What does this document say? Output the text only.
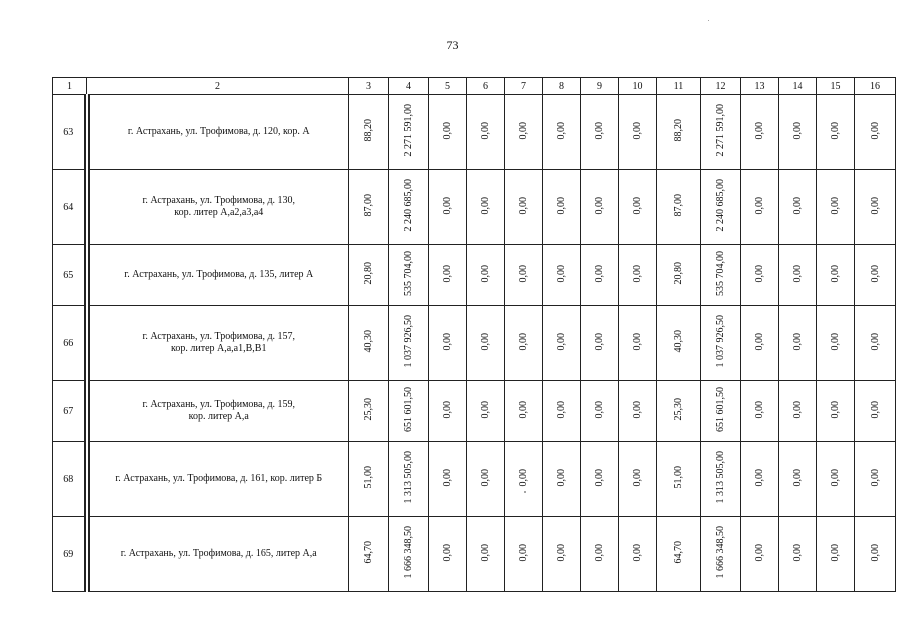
73
1	2	3	4	5	6	7	8	9	10	11	12	13	14	15	16
63	г. Астрахань, ул. Трофимова, д. 120, кор. А	88,20	2 271 591,00	0,00	0,00	0,00	0,00	0,00	0,00	88,20	2 271 591,00	0,00	0,00	0,00	0,00
64	г. Астрахань, ул. Трофимова, д. 130,
кор. литер А,а2,а3,а4	87,00	2 240 685,00	0,00	0,00	0,00	0,00	0,00	0,00	87,00	2 240 685,00	0,00	0,00	0,00	0,00
65	г. Астрахань, ул. Трофимова, д. 135, литер А	20,80	535 704,00	0,00	0,00	0,00	0,00	0,00	0,00	20,80	535 704,00	0,00	0,00	0,00	0,00
66	г. Астрахань, ул. Трофимова, д. 157,
кор. литер А,а,а1,В,В1	40,30	1 037 926,50	0,00	0,00	0,00	0,00	0,00	0,00	40,30	1 037 926,50	0,00	0,00	0,00	0,00
67	г. Астрахань, ул. Трофимова, д. 159,
кор. литер А,а	25,30	651 601,50	0,00	0,00	0,00	0,00	0,00	0,00	25,30	651 601,50	0,00	0,00	0,00	0,00
68	г. Астрахань, ул. Трофимова, д. 161, кор. литер Б	51,00	1 313 505,00	0,00	0,00	0,00	0,00	0,00	0,00	51,00	1 313 505,00	0,00	0,00	0,00	0,00
69	г. Астрахань, ул. Трофимова, д. 165, литер А,а	64,70	1 666 348,50	0,00	0,00	0,00	0,00	0,00	0,00	64,70	1 666 348,50	0,00	0,00	0,00	0,00
